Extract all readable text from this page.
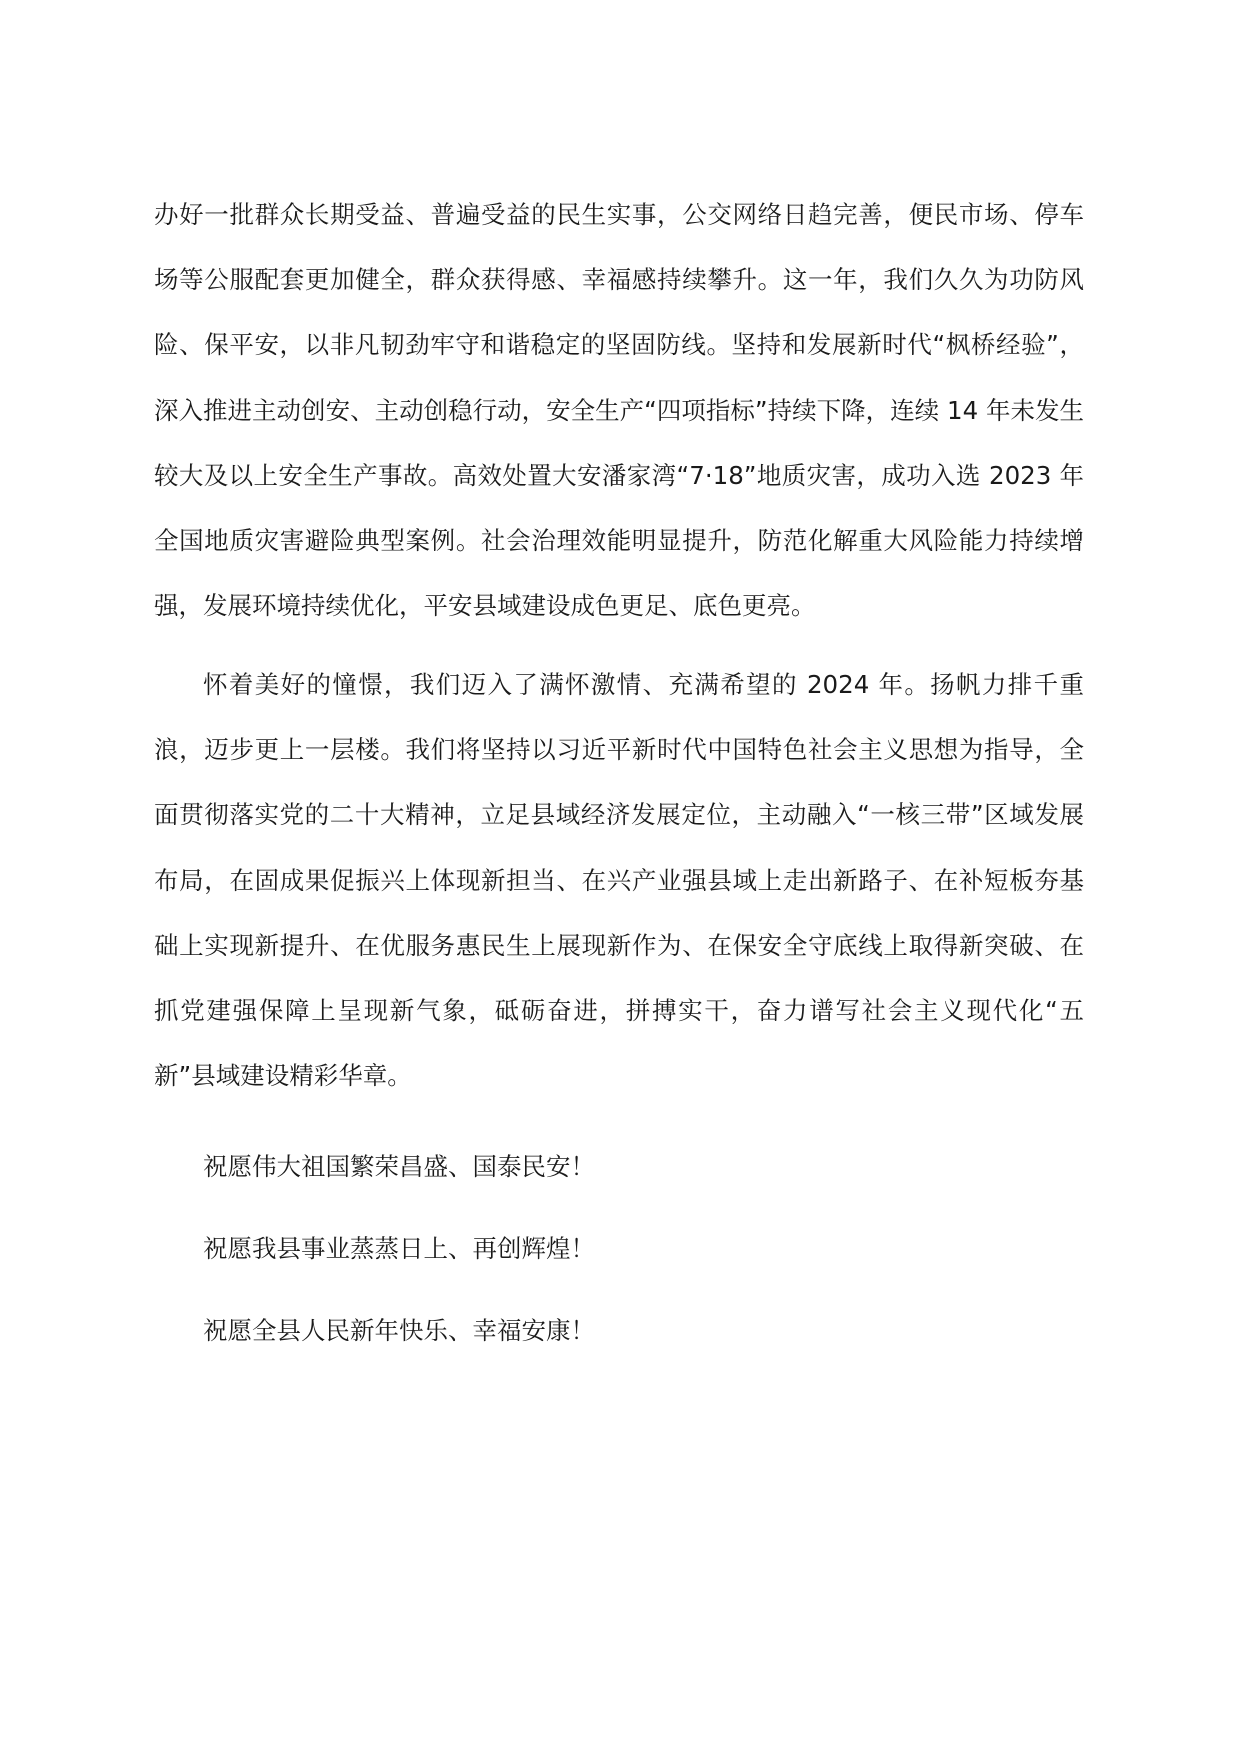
办好一批群众长期受益、普遍受益的民生实事，公交网络日趋完善，便民市场、停车场等公服配套更加健全，群众获得感、幸福感持续攀升。这一年，我们久久为功防风险、保平安，以非凡韧劲牢守和谐稳定的坚固防线。坚持和发展新时代“枫桥经验”，深入推进主动创安、主动创稳行动，安全生产“四项指标”持续下降，连续 14 年未发生较大及以上安全生产事故。高效处置大安潘家湾“7·18”地质灾害，成功入选 2023 年全国地质灾害避险典型案例。社会治理效能明显提升，防范化解重大风险能力持续增强，发展环境持续优化，平安县域建设成色更足、底色更亮。

怀着美好的憧憬，我们迈入了满怀激情、充满希望的 2024 年。扬帆力排千重浪，迈步更上一层楼。我们将坚持以习近平新时代中国特色社会主义思想为指导，全面贯彻落实党的二十大精神，立足县域经济发展定位，主动融入“一核三带”区域发展布局，在固成果促振兴上体现新担当、在兴产业强县域上走出新路子、在补短板夯基础上实现新提升、在优服务惠民生上展现新作为、在保安全守底线上取得新突破、在抓党建强保障上呈现新气象，砥砺奋进，拼搏实干，奋力谱写社会主义现代化“五新”县域建设精彩华章。

祝愿伟大祖国繁荣昌盛、国泰民安！

祝愿我县事业蒸蒸日上、再创辉煌！

祝愿全县人民新年快乐、幸福安康！
